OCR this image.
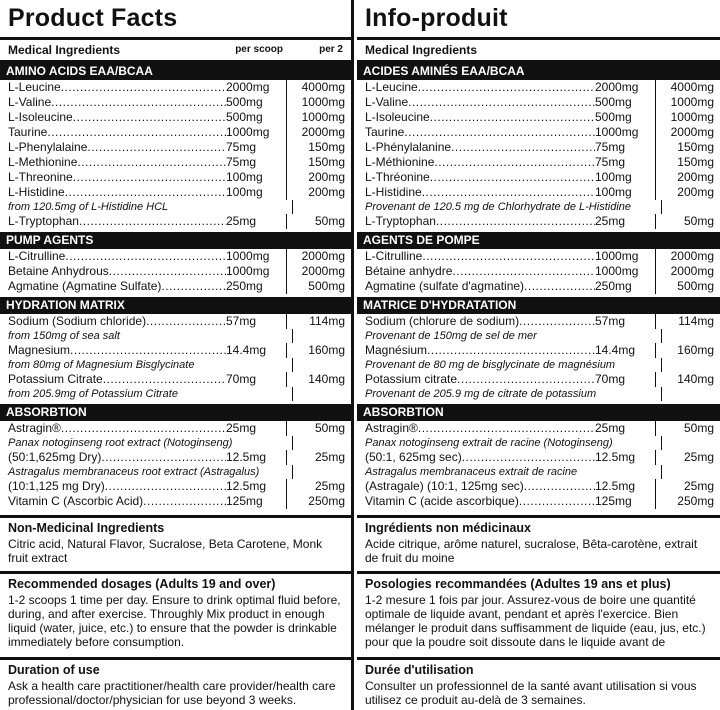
Product Facts
Medical Ingredients	per scoop	per 2 scoops
AMINO ACIDS EAA/BCAA
L-Leucine .....	2000mg	4000mg
L-Valine .....	500mg	1000mg
L-Isoleucine .....	500mg	1000mg
Taurine .....	1000mg	2000mg
L-Phenylalaine .....	75mg	150mg
L-Methionine .....	75mg	150mg
L-Threonine .....	100mg	200mg
L-Histidine .....	100mg	200mg
from 120.5mg of L-Histidine HCL
L-Tryptophan .....	25mg	50mg
PUMP AGENTS
L-Citrulline .....	1000mg	2000mg
Betaine Anhydrous .....	1000mg	2000mg
Agmatine (Agmatine Sulfate) .....	250mg	500mg
HYDRATION MATRIX
Sodium (Sodium chloride) .....	57mg	114mg
from 150mg of sea salt
Magnesium .....	14.4mg	160mg
from 80mg of Magnesium Bisglycinate
Potassium Citrate .....	70mg	140mg
from 205.9mg of Potassium Citrate
ABSORBTION
Astragin® .....	25mg	50mg
Panax notoginseng root extract (Notoginseng)
(50:1,625mg Dry) .....	12.5mg	25mg
Astragalus membranaceus root extract (Astragalus)
(10:1,125 mg Dry) .....	12.5mg	25mg
Vitamin C (Ascorbic Acid) .....	125mg	250mg
Non-Medicinal Ingredients
Citric acid, Natural Flavor, Sucralose, Beta Carotene, Monk fruit extract
Recommended dosages (Adults 19 and over)
1-2 scoops 1 time per day. Ensure to drink optimal fluid before, during, and after exercise. Throughly Mix product in enough liquid (water, juice, etc.) to ensure that the powder is drinkable immediately before consumption.
Duration of use
Ask a health care practitioner/health care provider/health care professional/doctor/physician for use beyond 3 weeks.
Info-produit
Medical Ingredients
ACIDES AMINÉS EAA/BCAA
L-Leucine .....	2000mg	4000mg
L-Valine .....	500mg	1000mg
L-Isoleucine .....	500mg	1000mg
Taurine .....	1000mg	2000mg
L-Phénylalanine .....	75mg	150mg
L-Méthionine .....	75mg	150mg
L-Thréonine .....	100mg	200mg
L-Histidine .....	100mg	200mg
Provenant de 120.5 mg de Chlorhydrate de L-Histidine
L-Tryptophan .....	25mg	50mg
AGENTS DE POMPE
L-Citrulline .....	1000mg	2000mg
Bétaine anhydre .....	1000mg	2000mg
Agmatine (sulfate d'agmatine) .....	250mg	500mg
MATRICE D'HYDRATATION
Sodium (chlorure de sodium) .....	57mg	114mg
Provenant de 150mg de sel de mer
Magnésium .....	14.4mg	160mg
Provenant de 80 mg de bisglycinate de magnésium
Potassium citrate .....	70mg	140mg
Provenant de 205.9 mg de citrate de potassium
ABSORBTION
Astragin® .....	25mg	50mg
Panax notoginseng extrait de racine (Notoginseng)
(50:1, 625mg sec) .....	12.5mg	25mg
Astragalus membranaceus extrait de racine
(Astragale) (10:1, 125mg sec) .....	12.5mg	25mg
Vitamin C (acide ascorbique) .....	125mg	250mg
Ingrédients non médicinaux
Acide citrique, arôme naturel, sucralose, Bêta-carotène, extrait de fruit du moine
Posologies recommandées (Adultes 19 ans et plus)
1-2 mesure 1 fois par jour. Assurez-vous de boire une quantité optimale de liquide avant, pendant et après l'exercice. Bien mélanger le produit dans suffisamment de liquide (eau, jus, etc.) pour que la poudre soit dissoute dans le liquide avant de
Durée d'utilisation
Consulter un professionnel de la santé avant utilisation si vous utilisez ce produit au-delà de 3 semaines.
